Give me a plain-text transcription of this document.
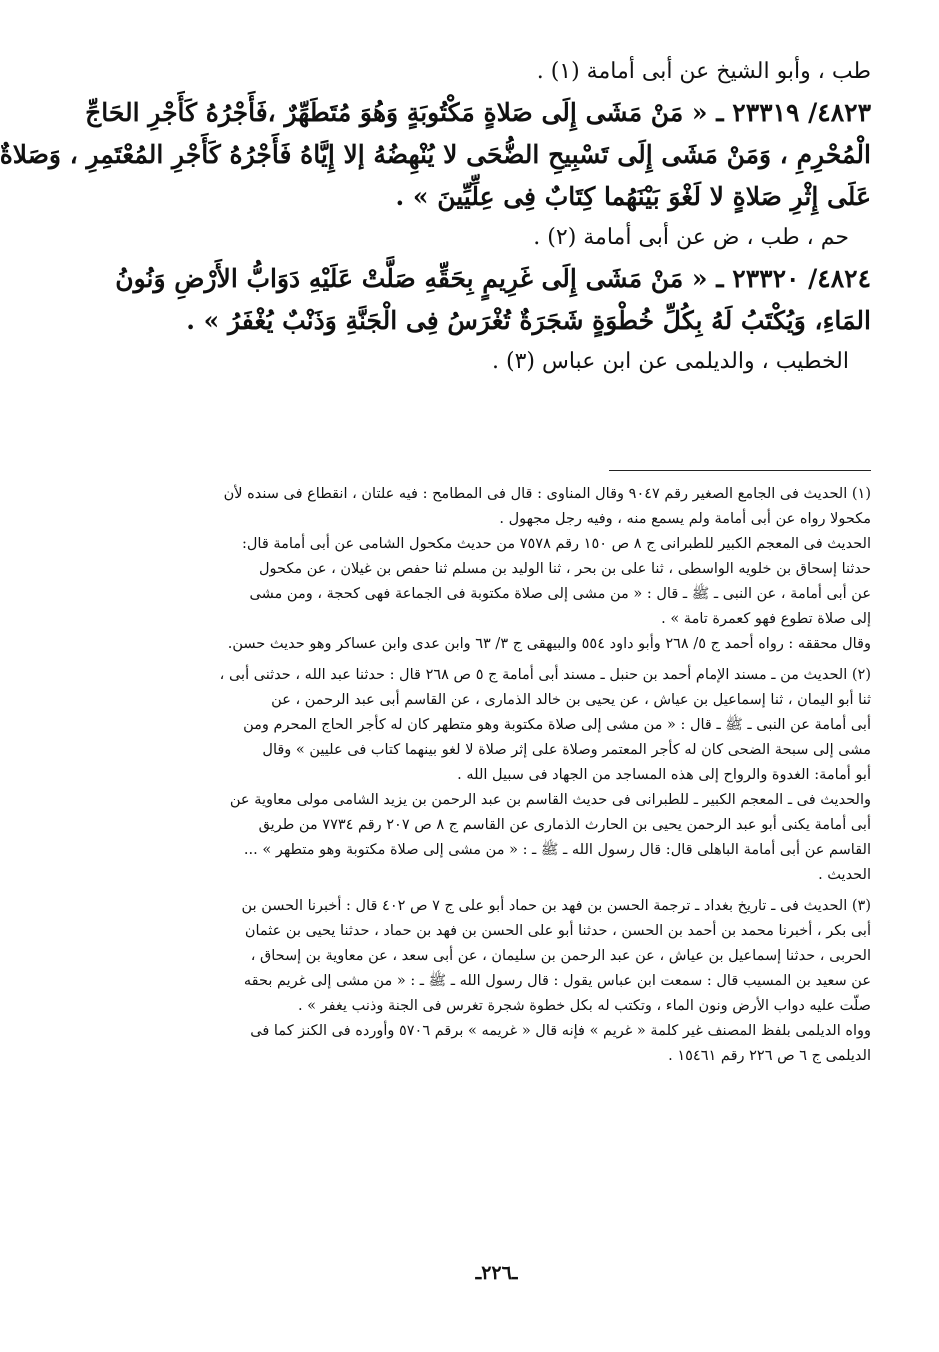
طب ، وأبو الشيخ عن أبى أمامة (١) .
٤٨٢٣/ ٢٣٣١٩ ـ « مَنْ مَشَى إِلَى صَلاةٍ مَكْتُوبَةٍ وَهُوَ مُتَطَهِّرٌ ،فَأَجْرُهُ كَأَجْرِ الحَاجِّ
الْمُحْرِمِ ، وَمَنْ مَشَى إِلَى تَسْبِيحِ الضُّحَى لا يُنْهِضُهُ إلا إِيَّاهُ فَأَجْرُهُ كَأَجْرِ المُعْتَمِرِ ، وَصَلاةٌ
عَلَى إِثْرِ صَلاةٍ لا لَغْوَ بَيْنَهُما كِتَابٌ فِى عِلِّيِّينَ » .
حم ، طب ، ض عن أبى أمامة (٢) .
٤٨٢٤/ ٢٣٣٢٠ ـ « مَنْ مَشَى إِلَى غَرِيمٍ بِحَقِّهِ صَلَّتْ عَلَيْهِ دَوَابُّ الأَرْضِ وَنُونُ
المَاءِ، وَيُكْتَبُ لَهُ بِكُلِّ خُطْوَةٍ شَجَرَةٌ تُغْرَسُ فِى الْجَنَّةِ وَذَنْبٌ يُغْفَرُ » .
الخطيب ، والديلمى عن ابن عباس (٣) .
(١) الحديث فى الجامع الصغير رقم ٩٠٤٧ وقال المناوى : قال فى المطامح : فيه علتان ، انقطاع فى سنده لأن
مكحولا رواه عن أبى أمامة ولم يسمع منه ، وفيه رجل مجهول .
الحديث فى المعجم الكبير للطبرانى ج ٨ ص ١٥٠ رقم ٧٥٧٨ من حديث مكحول الشامى عن أبى أمامة قال:
حدثنا إسحاق بن خلويه الواسطى ، ثنا على بن بحر ، ثنا الوليد بن مسلم ثنا حفص بن غيلان ، عن مكحول
عن أبى أمامة ، عن النبى ـ ﷺ ـ قال : « من مشى إلى صلاة مكتوبة فى الجماعة فهى كحجة ، ومن مشى
إلى صلاة تطوع فهو كعمرة تامة » .
وقال محققه : رواه أحمد ج ٥/ ٢٦٨ وأبو داود ٥٥٤ والبيهقى ج ٣/ ٦٣ وابن عدى وابن عساكر وهو حديث حسن.
(٢) الحديث من ـ مسند الإمام أحمد بن حنبل ـ مسند أبى أمامة ج ٥ ص ٢٦٨ قال : حدثنا عبد الله ، حدثنى أبى ،
ثنا أبو اليمان ، ثنا إسماعيل بن عياش ، عن يحيى بن خالد الذمارى ، عن القاسم أبى عبد الرحمن ، عن
أبى أمامة عن النبى ـ ﷺ ـ قال : « من مشى إلى صلاة مكتوبة وهو متطهر كان له كأجر الحاج المحرم ومن
مشى إلى سبحة الضحى كان له كأجر المعتمر وصلاة على إثر صلاة لا لغو بينهما كتاب فى عليين » وقال
أبو أمامة: الغدوة والرواح إلى هذه المساجد من الجهاد فى سبيل الله .
والحديث فى ـ المعجم الكبير ـ للطبرانى فى حديث القاسم بن عبد الرحمن بن يزيد الشامى مولى معاوية عن
أبى أمامة يكنى أبو عبد الرحمن يحيى بن الحارث الذمارى عن القاسم ج ٨ ص ٢٠٧ رقم ٧٧٣٤ من طريق
القاسم عن أبى أمامة الباهلى قال: قال رسول الله ـ ﷺ ـ : « من مشى إلى صلاة مكتوبة وهو متطهر » ...
الحديث .
(٣) الحديث فى ـ تاريخ بغداد ـ ترجمة الحسن بن فهد بن حماد أبو على ج ٧ ص ٤٠٢ قال : أخبرنا الحسن بن
أبى بكر ، أخبرنا محمد بن أحمد بن الحسن ، حدثنا أبو على الحسن بن فهد بن حماد ، حدثنا يحيى بن عثمان
الحربى ، حدثنا إسماعيل بن عياش ، عن عبد الرحمن بن سليمان ، عن أبى سعد ، عن معاوية بن إسحاق ،
عن سعيد بن المسيب قال : سمعت ابن عباس يقول : قال رسول الله ـ ﷺ ـ : « من مشى إلى غريم بحقه
صلّت عليه دواب الأرض ونون الماء ، وتكتب له بكل خطوة شجرة تغرس فى الجنة وذنب يغفر » .
وواه الديلمى بلفظ المصنف غير كلمة « غريم » فإنه قال « غريمه » برقم ٥٧٠٦ وأورده فى الكنز كما فى
الديلمى ج ٦ ص ٢٢٦ رقم ١٥٤٦١ .
ـ٢٢٦ـ
